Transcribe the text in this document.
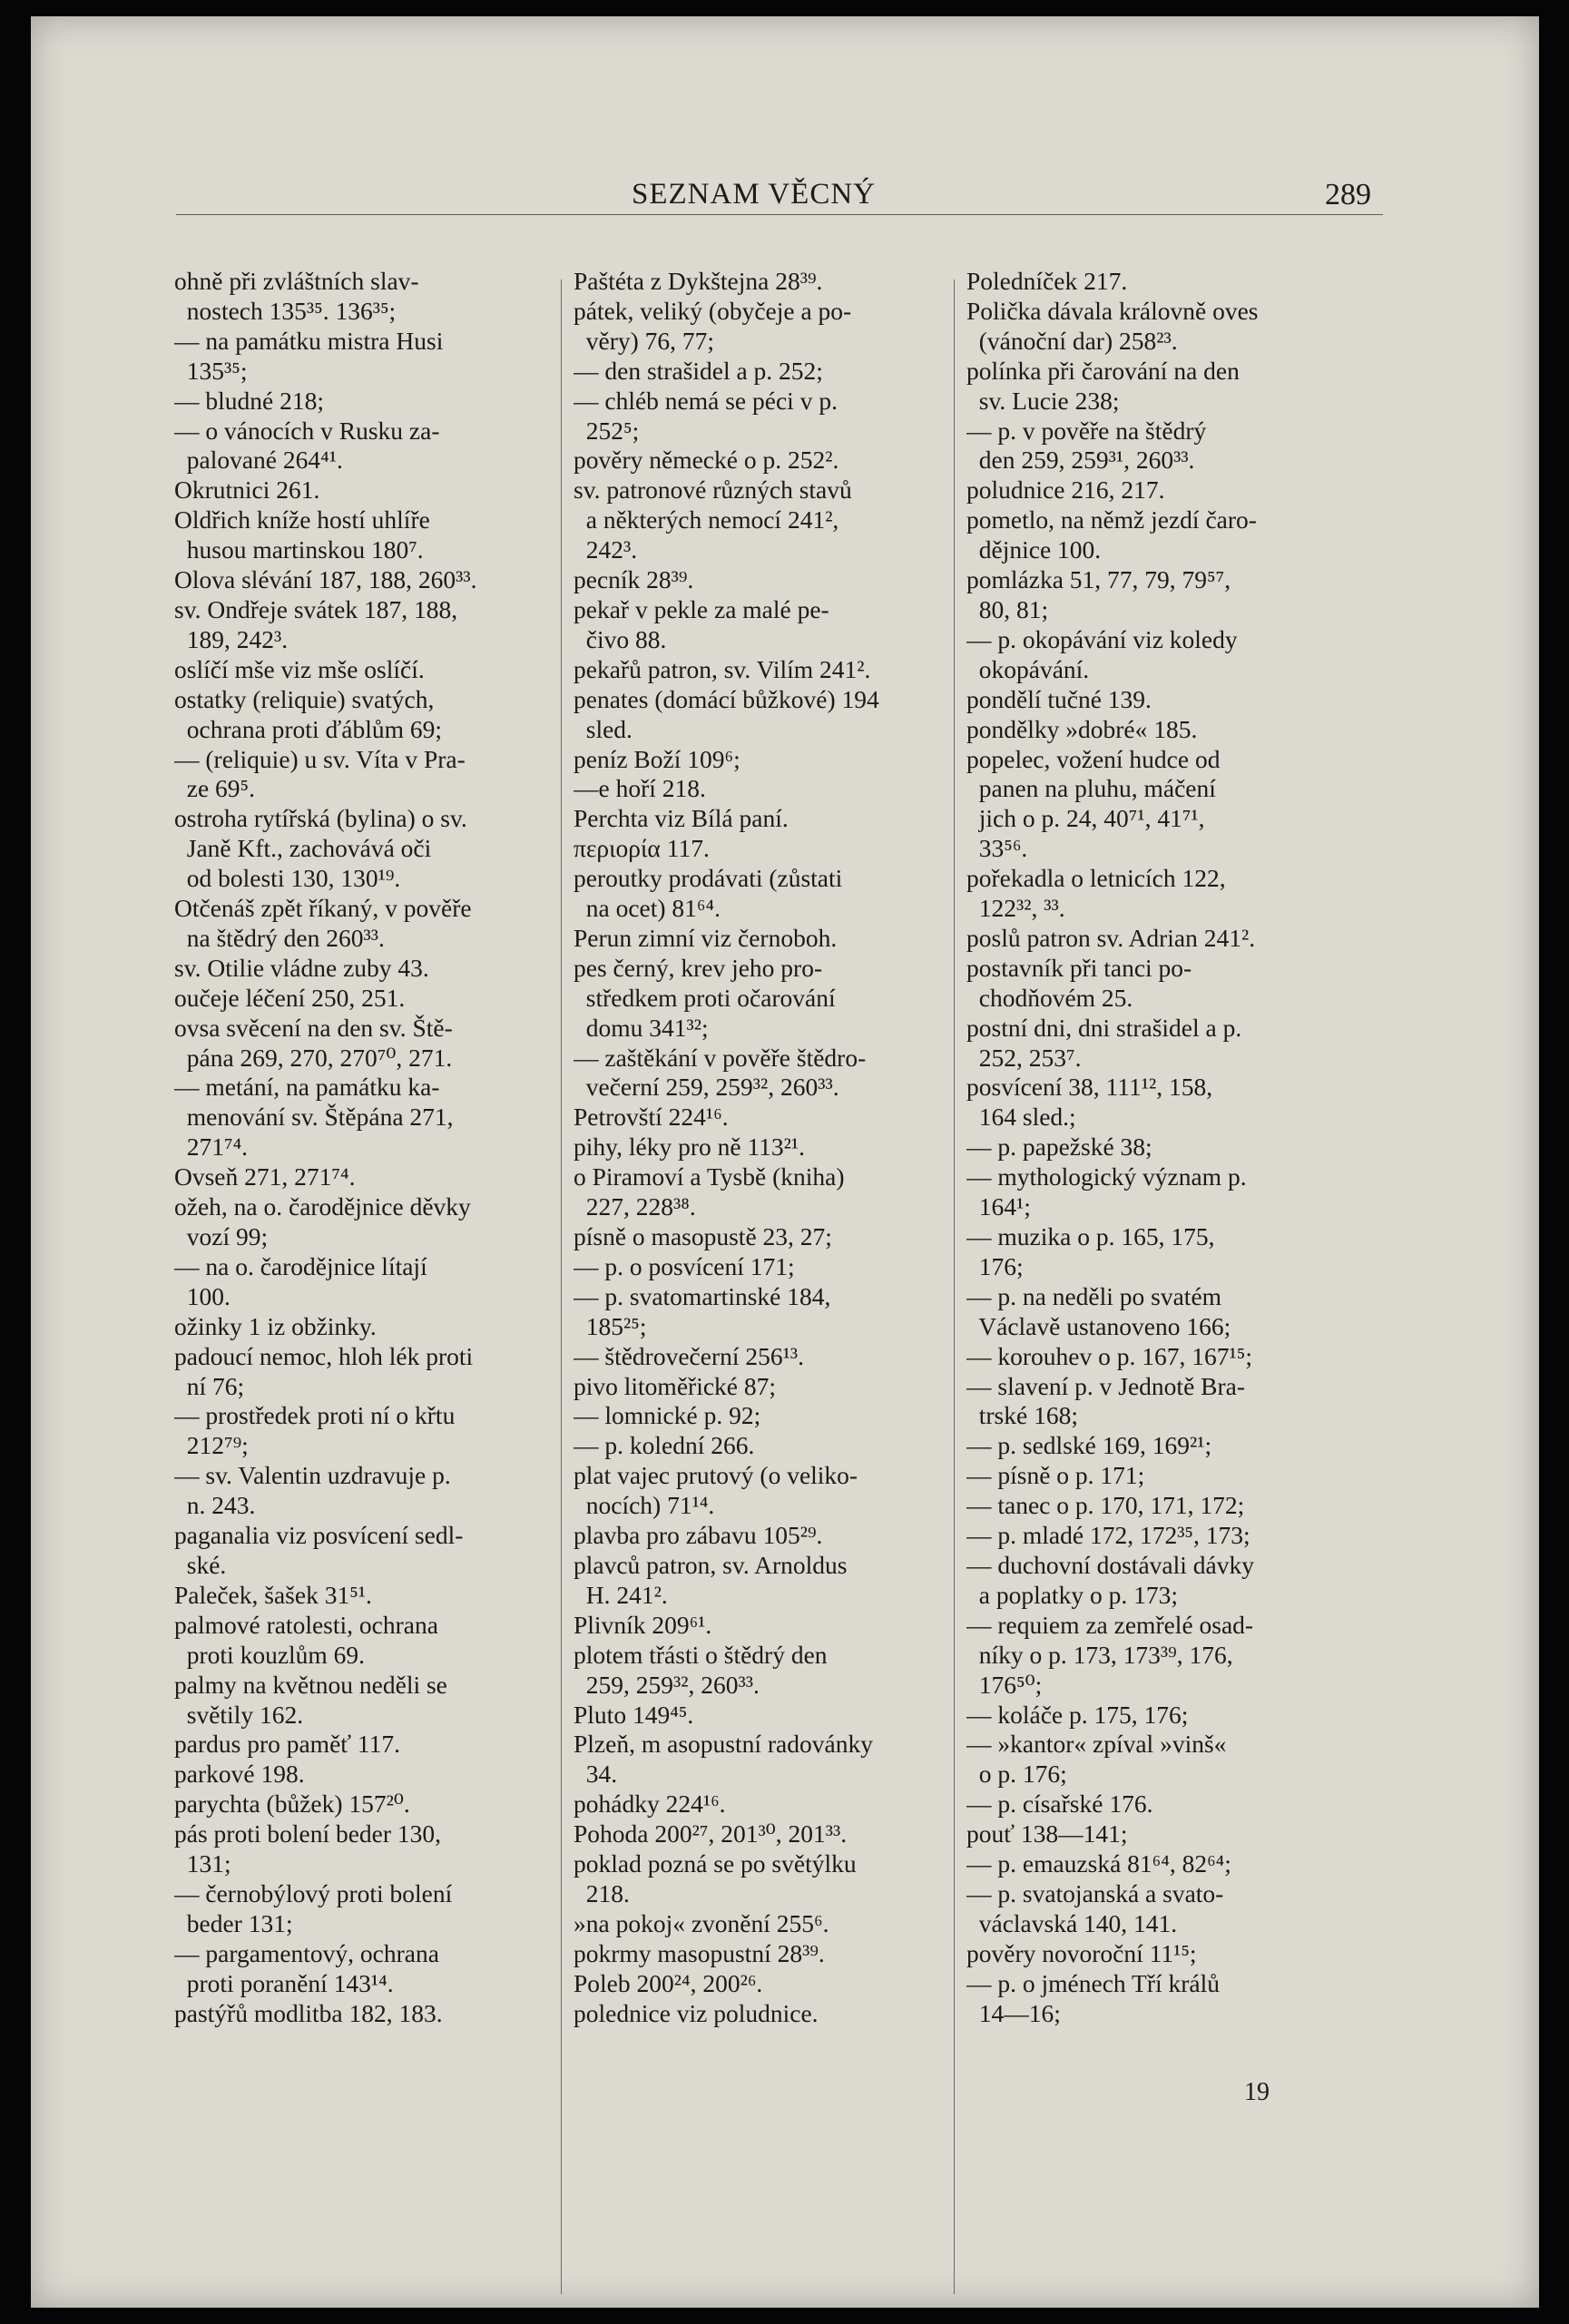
SEZNAM VĚCNÝ	289
ohně při zvláštních slav-
nostech 135³⁵. 136³⁵;
— na památku mistra Husi
135³⁵;
— bludné 218;
— o vánocích v Rusku za-
palované 264⁴¹.
Okrutnici 261.
Oldřich kníže hostí uhlíře
husou martinskou 180⁷.
Olova slévání 187, 188, 260³³.
sv. Ondřeje svátek 187, 188,
189, 242³.
oslíčí mše viz mše oslíčí.
ostatky (reliquie) svatých,
ochrana proti ďáblům 69;
— (reliquie) u sv. Víta v Pra-
ze 69⁵.
ostroha rytířská (bylina) o sv.
Janě Kft., zachovává oči
od bolesti 130, 130¹⁹.
Otčenáš zpět říkaný, v pověře
na štědrý den 260³³.
sv. Otilie vládne zuby 43.
oučeje léčení 250, 251.
ovsa svěcení na den sv. Ště-
pána 269, 270, 270⁷⁰, 271.
— metání, na památku ka-
menování sv. Štěpána 271,
271⁷⁴.
Ovseň 271, 271⁷⁴.
ožeh, na o. čarodějnice děvky
vozí 99;
— na o. čarodějnice lítají
100.
ožinky 1 iz obžinky.
padoucí nemoc, hloh lék proti
ní 76;
— prostředek proti ní o křtu
212⁷⁹;
— sv. Valentin uzdravuje p.
n. 243.
paganalia viz posvícení sedl-
ské.
Paleček, šašek 31⁵¹.
palmové ratolesti, ochrana
proti kouzlům 69.
palmy na květnou neděli se
světily 162.
pardus pro paměť 117.
parkové 198.
parychta (bůžek) 157²⁰.
pás proti bolení beder 130,
131;
— černobýlový proti bolení
beder 131;
— pargamentový, ochrana
proti poranění 143¹⁴.
pastýřů modlitba 182, 183.
Paštéta z Dykštejna 28³⁹.
pátek, veliký (obyčeje a po-
věry) 76, 77;
— den strašidel a p. 252;
— chléb nemá se péci v p.
252⁵;
pověry německé o p. 252².
sv. patronové různých stavů
a některých nemocí 241²,
242³.
pecník 28³⁹.
pekař v pekle za malé pe-
čivo 88.
pekařů patron, sv. Vilím 241².
penates (domácí bůžkové) 194
sled.
peníz Boží 109⁶;
—e hoří 218.
Perchta viz Bílá paní.
περιορία 117.
peroutky prodávati (zůstati
na ocet) 81⁶⁴.
Perun zimní viz černoboh.
pes černý, krev jeho pro-
středkem proti očarování
domu 341³²;
— zaštěkání v pověře štědro-
večerní 259, 259³², 260³³.
Petrovští 224¹⁶.
pihy, léky pro ně 113²¹.
o Piramoví a Tysbě (kniha)
227, 228³⁸.
písně o masopustě 23, 27;
— p. o posvícení 171;
— p. svatomartinské 184,
185²⁵;
— štědrovečerní 256¹³.
pivo litoměřické 87;
— lomnické p. 92;
— p. kolední 266.
plat vajec prutový (o veliko-
nocích) 71¹⁴.
plavba pro zábavu 105²⁹.
plavců patron, sv. Arnoldus
H. 241².
Plivník 209⁶¹.
plotem třásti o štědrý den
259, 259³², 260³³.
Pluto 149⁴⁵.
Plzeň, m asopustní radovánky
34.
pohádky 224¹⁶.
Pohoda 200²⁷, 201³⁰, 201³³.
poklad pozná se po světýlku
218.
»na pokoj« zvonění 255⁶.
pokrmy masopustní 28³⁹.
Poleb 200²⁴, 200²⁶.
polednice viz poludnice.
Poledníček 217.
Polička dávala královně oves
(vánoční dar) 258²³.
polínka při čarování na den
sv. Lucie 238;
— p. v pověře na štědrý
den 259, 259³¹, 260³³.
poludnice 216, 217.
pometlo, na němž jezdí čaro-
dějnice 100.
pomlázka 51, 77, 79, 79⁵⁷,
80, 81;
— p. okopávání viz koledy
okopávání.
pondělí tučné 139.
pondělky »dobré« 185.
popelec, vožení hudce od
panen na pluhu, máčení
jich o p. 24, 40⁷¹, 41⁷¹,
33⁵⁶.
pořekadla o letnicích 122,
122³², ³³.
poslů patron sv. Adrian 241².
postavník při tanci po-
chodňovém 25.
postní dni, dni strašidel a p.
252, 253⁷.
posvícení 38, 111¹², 158,
164 sled.;
— p. papežské 38;
— mythologický význam p.
164¹;
— muzika o p. 165, 175,
176;
— p. na neděli po svatém
Václavě ustanoveno 166;
— korouhev o p. 167, 167¹⁵;
— slavení p. v Jednotě Bra-
trské 168;
— p. sedlské 169, 169²¹;
— písně o p. 171;
— tanec o p. 170, 171, 172;
— p. mladé 172, 172³⁵, 173;
— duchovní dostávali dávky
a poplatky o p. 173;
— requiem za zemřelé osad-
níky o p. 173, 173³⁹, 176,
176⁵⁰;
— koláče p. 175, 176;
— »kantor« zpíval »vinš«
o p. 176;
— p. císařské 176.
pouť 138—141;
— p. emauzská 81⁶⁴, 82⁶⁴;
— p. svatojanská a svato-
václavská 140, 141.
pověry novoroční 11¹⁵;
— p. o jménech Tří králů
14—16;
19
